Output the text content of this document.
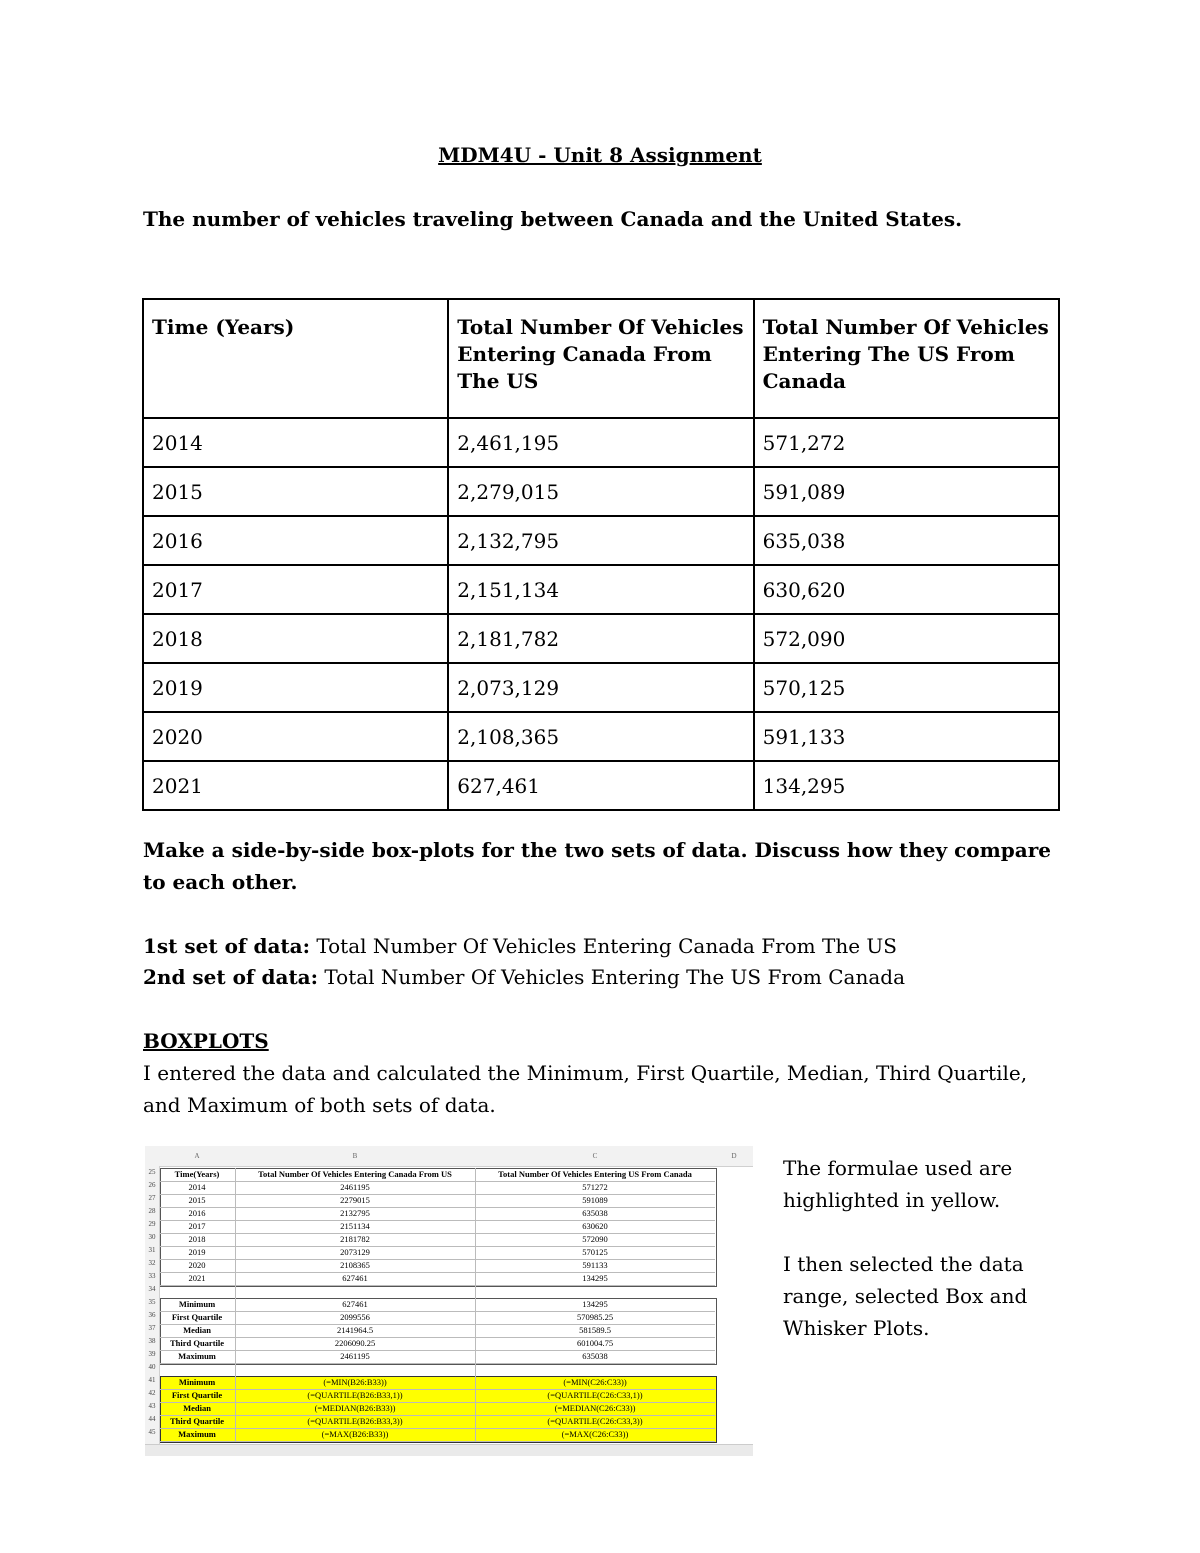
MDM4U - Unit 8 Assignment
The number of vehicles traveling between Canada and the United States.
Time (Years)	Total Number Of Vehicles Entering Canada From The US	Total Number Of Vehicles Entering The US From Canada
2014	2,461,195	571,272
2015	2,279,015	591,089
2016	2,132,795	635,038
2017	2,151,134	630,620
2018	2,181,782	572,090
2019	2,073,129	570,125
2020	2,108,365	591,133
2021	627,461	134,295
Make a side-by-side box-plots for the two sets of data. Discuss how they compare to each other.
1st set of data: Total Number Of Vehicles Entering Canada From The US
2nd set of data: Total Number Of Vehicles Entering The US From Canada
BOXPLOTS
I entered the data and calculated the Minimum, First Quartile, Median, Third Quartile, and Maximum of both sets of data.
A	B	C	D
25
26
27
28
29
30
31
32
33
34
35
36
37
38
39
40
41
42
43
44
45
Time(Years)	Total Number Of Vehicles Entering Canada From US	Total Number Of Vehicles Entering US From Canada
2014	2461195	571272
2015	2279015	591089
2016	2132795	635038
2017	2151134	630620
2018	2181782	572090
2019	2073129	570125
2020	2108365	591133
2021	627461	134295
Minimum	627461	134295
First Quartile	2099556	570985.25
Median	2141964.5	581589.5
Third Quartile	2206090.25	601004.75
Maximum	2461195	635038
Minimum	(=MIN(B26:B33))	(=MIN(C26:C33))
First Quartile	(=QUARTILE(B26:B33,1))	(=QUARTILE(C26:C33,1))
Median	(=MEDIAN(B26:B33))	(=MEDIAN(C26:C33))
Third Quartile	(=QUARTILE(B26:B33,3))	(=QUARTILE(C26:C33,3))
Maximum	(=MAX(B26:B33))	(=MAX(C26:C33))
The formulae used are highlighted in yellow.
I then selected the data range, selected Box and Whisker Plots.
